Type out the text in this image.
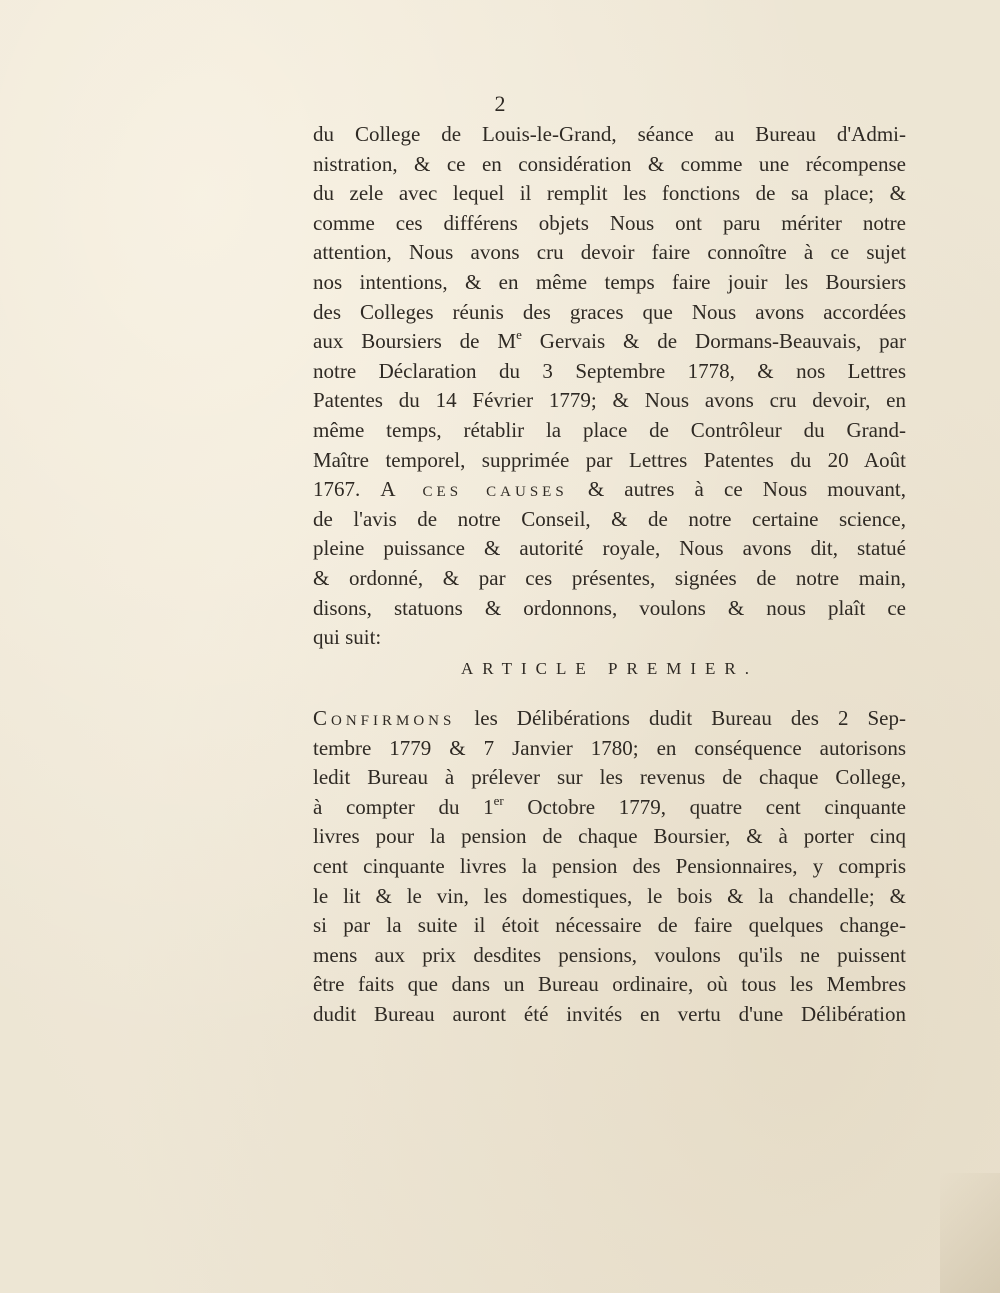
2
du College de Louis-le-Grand, séance au Bureau d'Admi-
nistration, & ce en considération & comme une récompense
du zele avec lequel il remplit les fonctions de sa place; &
comme ces différens objets Nous ont paru mériter notre
attention, Nous avons cru devoir faire connoître à ce sujet
nos intentions, & en même temps faire jouir les Boursiers
des Colleges réunis des graces que Nous avons accordées
aux Boursiers de Me Gervais & de Dormans-Beauvais, par
notre Déclaration du 3 Septembre 1778, & nos Lettres
Patentes du 14 Février 1779; & Nous avons cru devoir, en
même temps, rétablir la place de Contrôleur du Grand-
Maître temporel, supprimée par Lettres Patentes du 20 Août
1767. A ces causes & autres à ce Nous mouvant,
de l'avis de notre Conseil, & de notre certaine science,
pleine puissance & autorité royale, Nous avons dit, statué
& ordonné, & par ces présentes, signées de notre main,
disons, statuons & ordonnons, voulons & nous plaît ce
qui suit:
ARTICLE PREMIER.
Confirmons les Délibérations dudit Bureau des 2 Sep-
tembre 1779 & 7 Janvier 1780; en conséquence autorisons
ledit Bureau à prélever sur les revenus de chaque College,
à compter du 1er Octobre 1779, quatre cent cinquante
livres pour la pension de chaque Boursier, & à porter cinq
cent cinquante livres la pension des Pensionnaires, y compris
le lit & le vin, les domestiques, le bois & la chandelle; &
si par la suite il étoit nécessaire de faire quelques change-
mens aux prix desdites pensions, voulons qu'ils ne puissent
être faits que dans un Bureau ordinaire, où tous les Membres
dudit Bureau auront été invités en vertu d'une Délibération
